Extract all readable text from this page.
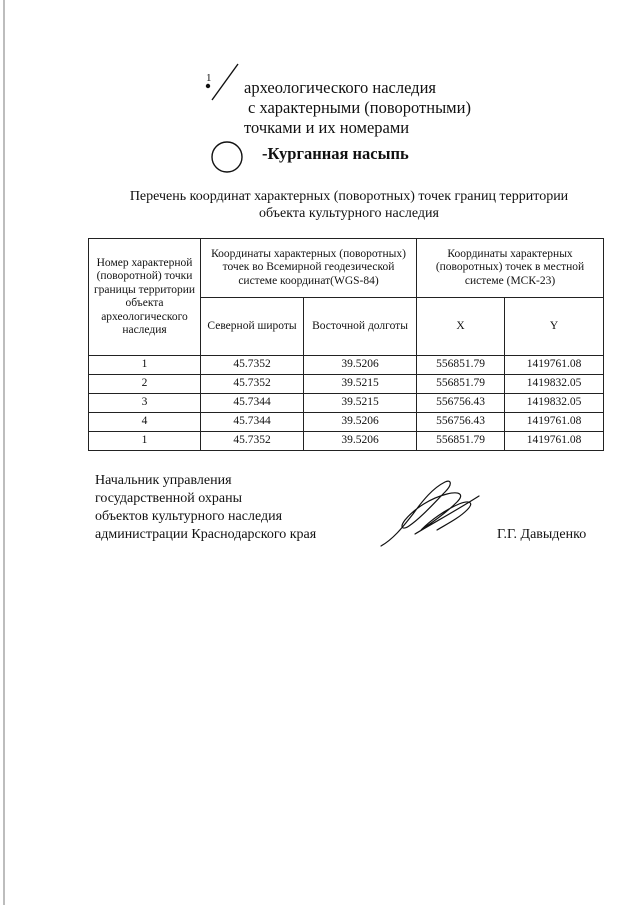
1 археологического наследия
с характерными (поворотными)
точками и их номерами
-Курганная насыпь
Перечень координат характерных (поворотных) точек границ территории
объекта культурного наследия
Номер характерной (поворотной) точки границы территории объекта археологического наследия	Координаты характерных (поворотных) точек во Всемирной геодезической системе координат(WGS-84)		Координаты характерных (поворотных) точек в местной системе (МСК-23)	
	Северной широты	Восточной долготы	X	Y
1	45.7352	39.5206	556851.79	1419761.08
2	45.7352	39.5215	556851.79	1419832.05
3	45.7344	39.5215	556756.43	1419832.05
4	45.7344	39.5206	556756.43	1419761.08
1	45.7352	39.5206	556851.79	1419761.08
Начальник управления
государственной охраны
объектов культурного наследия
администрации Краснодарского края	Г.Г. Давыденко
